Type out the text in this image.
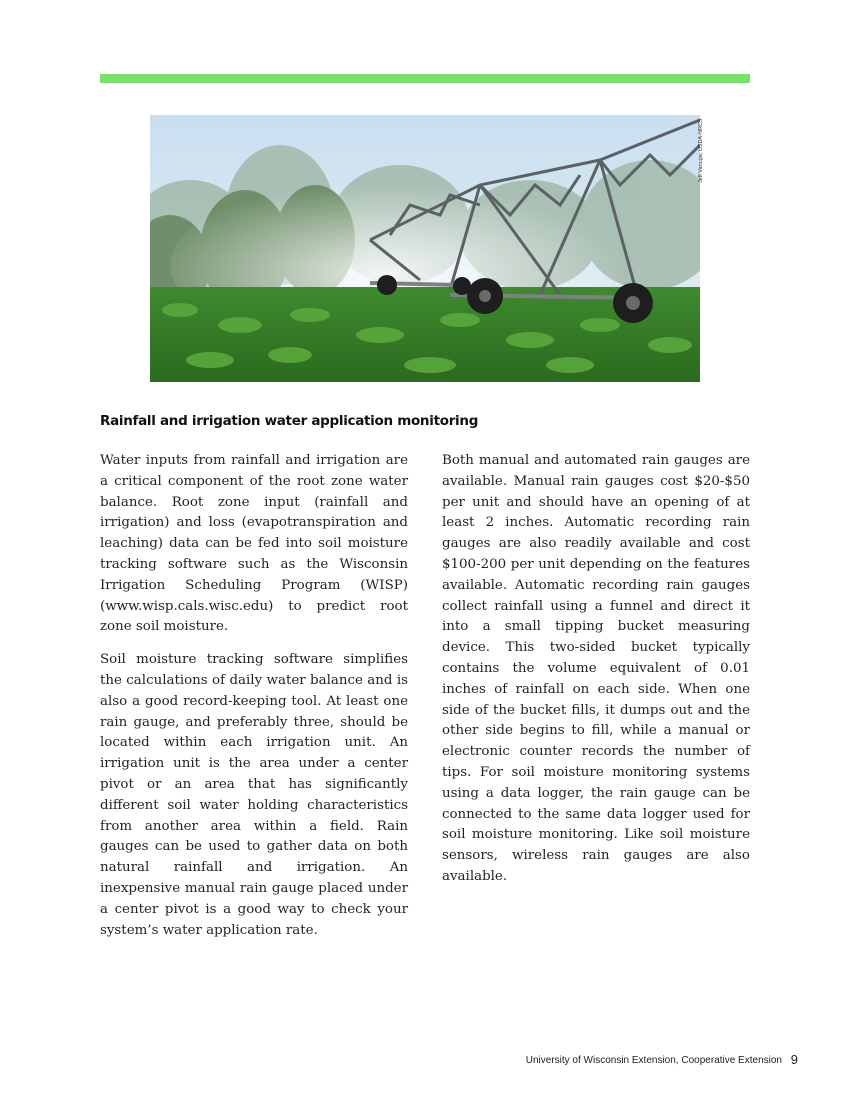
Jeff Vanuga, USDA-NRCS
Rainfall and irrigation water application monitoring

Water inputs from rainfall and irrigation are a critical component of the root zone water balance. Root zone input (rainfall and irrigation) and loss (evapotranspiration and leaching) data can be fed into soil moisture tracking software such as the Wisconsin Irrigation Scheduling Program (WISP) (www.wisp.cals.wisc.edu) to predict root zone soil moisture.

Soil moisture tracking software simplifies the calculations of daily water balance and is also a good record-keeping tool. At least one rain gauge, and preferably three, should be located within each irrigation unit. An irrigation unit is the area under a center pivot or an area that has significantly different soil water holding characteristics from another area within a field. Rain gauges can be used to gather data on both natural rainfall and irrigation. An inexpensive manual rain gauge placed under a center pivot is a good way to check your system’s water application rate.

Both manual and automated rain gauges are available. Manual rain gauges cost $20-$50 per unit and should have an opening of at least 2 inches. Automatic recording rain gauges are also readily available and cost $100-200 per unit depending on the features available. Automatic recording rain gauges collect rainfall using a funnel and direct it into a small tipping bucket measuring device. This two-sided bucket typically contains the volume equivalent of 0.01 inches of rainfall on each side. When one side of the bucket fills, it dumps out and the other side begins to fill, while a manual or electronic counter records the number of tips. For soil moisture monitoring systems using a data logger, the rain gauge can be connected to the same data logger used for soil moisture monitoring. Like soil moisture sensors, wireless rain gauges are also available.

University of Wisconsin Extension, Cooperative Extension 9
